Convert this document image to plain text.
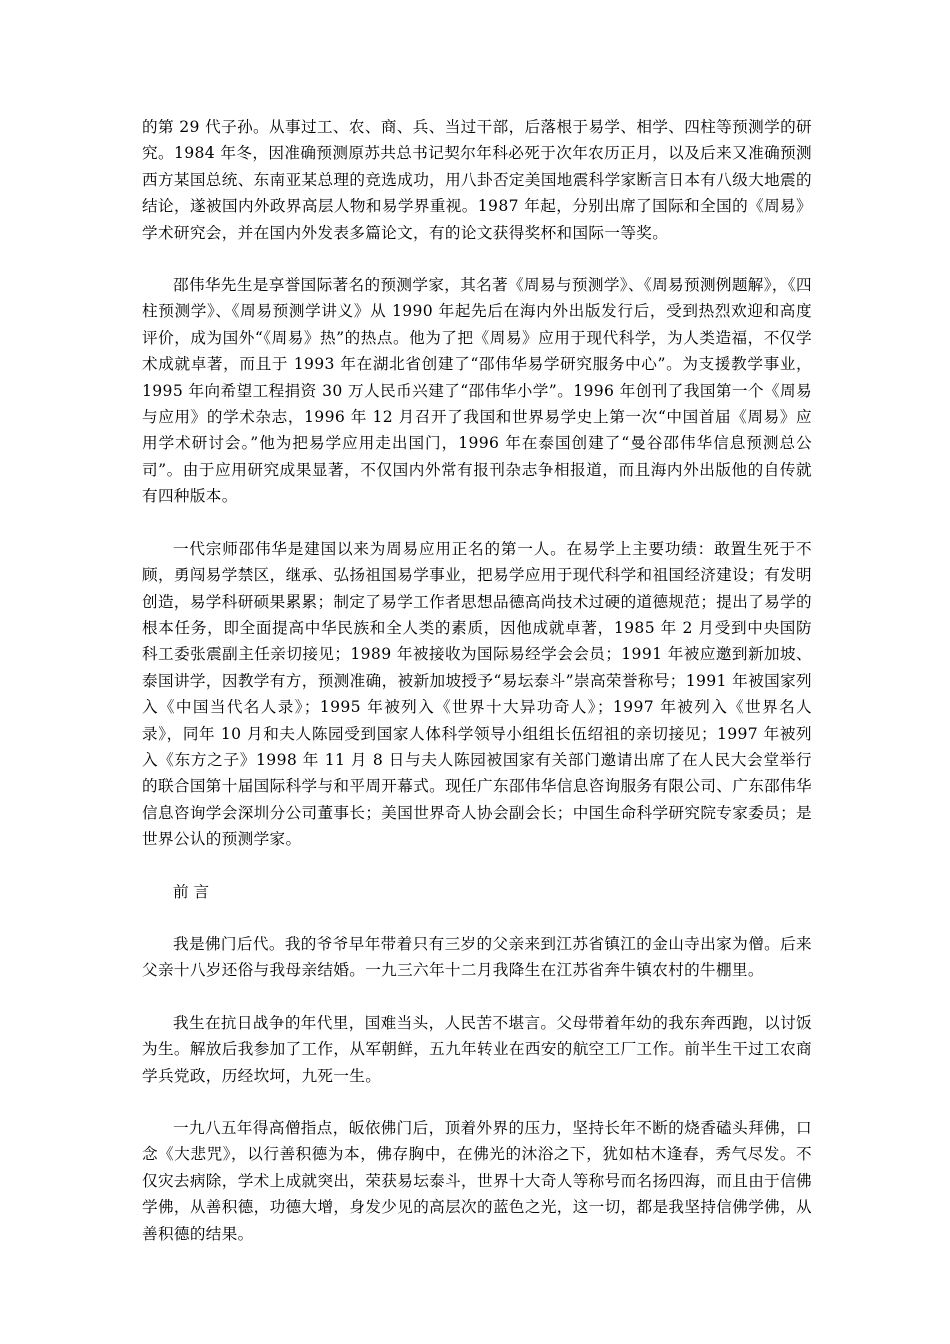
的第 29 代子孙。从事过工、农、商、兵、当过干部，后落根于易学、相学、四柱等预测学的研究。1984 年冬，因准确预测原苏共总书记契尔年科必死于次年农历正月，以及后来又准确预测西方某国总统、东南亚某总理的竞选成功，用八卦否定美国地震科学家断言日本有八级大地震的结论，遂被国内外政界高层人物和易学界重视。1987 年起，分别出席了国际和全国的《周易》学术研究会，并在国内外发表多篇论文，有的论文获得奖杯和国际一等奖。

邵伟华先生是享誉国际著名的预测学家，其名著《周易与预测学》、《周易预测例题解》，《四柱预测学》、《周易预测学讲义》从 1990 年起先后在海内外出版发行后，受到热烈欢迎和高度评价，成为国外“《周易》热”的热点。他为了把《周易》应用于现代科学，为人类造福，不仅学术成就卓著，而且于 1993 年在湖北省创建了“邵伟华易学研究服务中心”。为支援教学事业，1995 年向希望工程捐资 30 万人民币兴建了“邵伟华小学”。1996 年创刊了我国第一个《周易与应用》的学术杂志，1996 年 12 月召开了我国和世界易学史上第一次“中国首届《周易》应用学术研讨会。”他为把易学应用走出国门，1996 年在泰国创建了“曼谷邵伟华信息预测总公司”。由于应用研究成果显著，不仅国内外常有报刊杂志争相报道，而且海内外出版他的自传就有四种版本。

一代宗师邵伟华是建国以来为周易应用正名的第一人。在易学上主要功绩：敢置生死于不顾，勇闯易学禁区，继承、弘扬祖国易学事业，把易学应用于现代科学和祖国经济建设；有发明创造，易学科研硕果累累；制定了易学工作者思想品德高尚技术过硬的道德规范；提出了易学的根本任务，即全面提高中华民族和全人类的素质，因他成就卓著，1985 年 2 月受到中央国防科工委张震副主任亲切接见；1989 年被接收为国际易经学会会员；1991 年被应邀到新加坡、泰国讲学，因教学有方，预测准确，被新加坡授予“易坛泰斗”崇高荣誉称号；1991 年被国家列入《中国当代名人录》；1995 年被列入《世界十大异功奇人》；1997 年被列入《世界名人录》，同年 10 月和夫人陈园受到国家人体科学领导小组组长伍绍祖的亲切接见；1997 年被列入《东方之子》1998 年 11 月 8 日与夫人陈园被国家有关部门邀请出席了在人民大会堂举行的联合国第十届国际科学与和平周开幕式。现任广东邵伟华信息咨询服务有限公司、广东邵伟华信息咨询学会深圳分公司董事长；美国世界奇人协会副会长；中国生命科学研究院专家委员；是世界公认的预测学家。

前 言

我是佛门后代。我的爷爷早年带着只有三岁的父亲来到江苏省镇江的金山寺出家为僧。后来父亲十八岁还俗与我母亲结婚。一九三六年十二月我降生在江苏省奔牛镇农村的牛棚里。

我生在抗日战争的年代里，国难当头，人民苦不堪言。父母带着年幼的我东奔西跑，以讨饭为生。解放后我参加了工作，从军朝鲜，五九年转业在西安的航空工厂工作。前半生干过工农商学兵党政，历经坎坷，九死一生。

一九八五年得高僧指点，皈依佛门后，顶着外界的压力，坚持长年不断的烧香磕头拜佛，口念《大悲咒》，以行善积德为本，佛存胸中，在佛光的沐浴之下，犹如枯木逢春，秀气尽发。不仅灾去病除，学术上成就突出，荣获易坛泰斗，世界十大奇人等称号而名扬四海，而且由于信佛学佛，从善积德，功德大增，身发少见的高层次的蓝色之光，这一切，都是我坚持信佛学佛，从善积德的结果。
